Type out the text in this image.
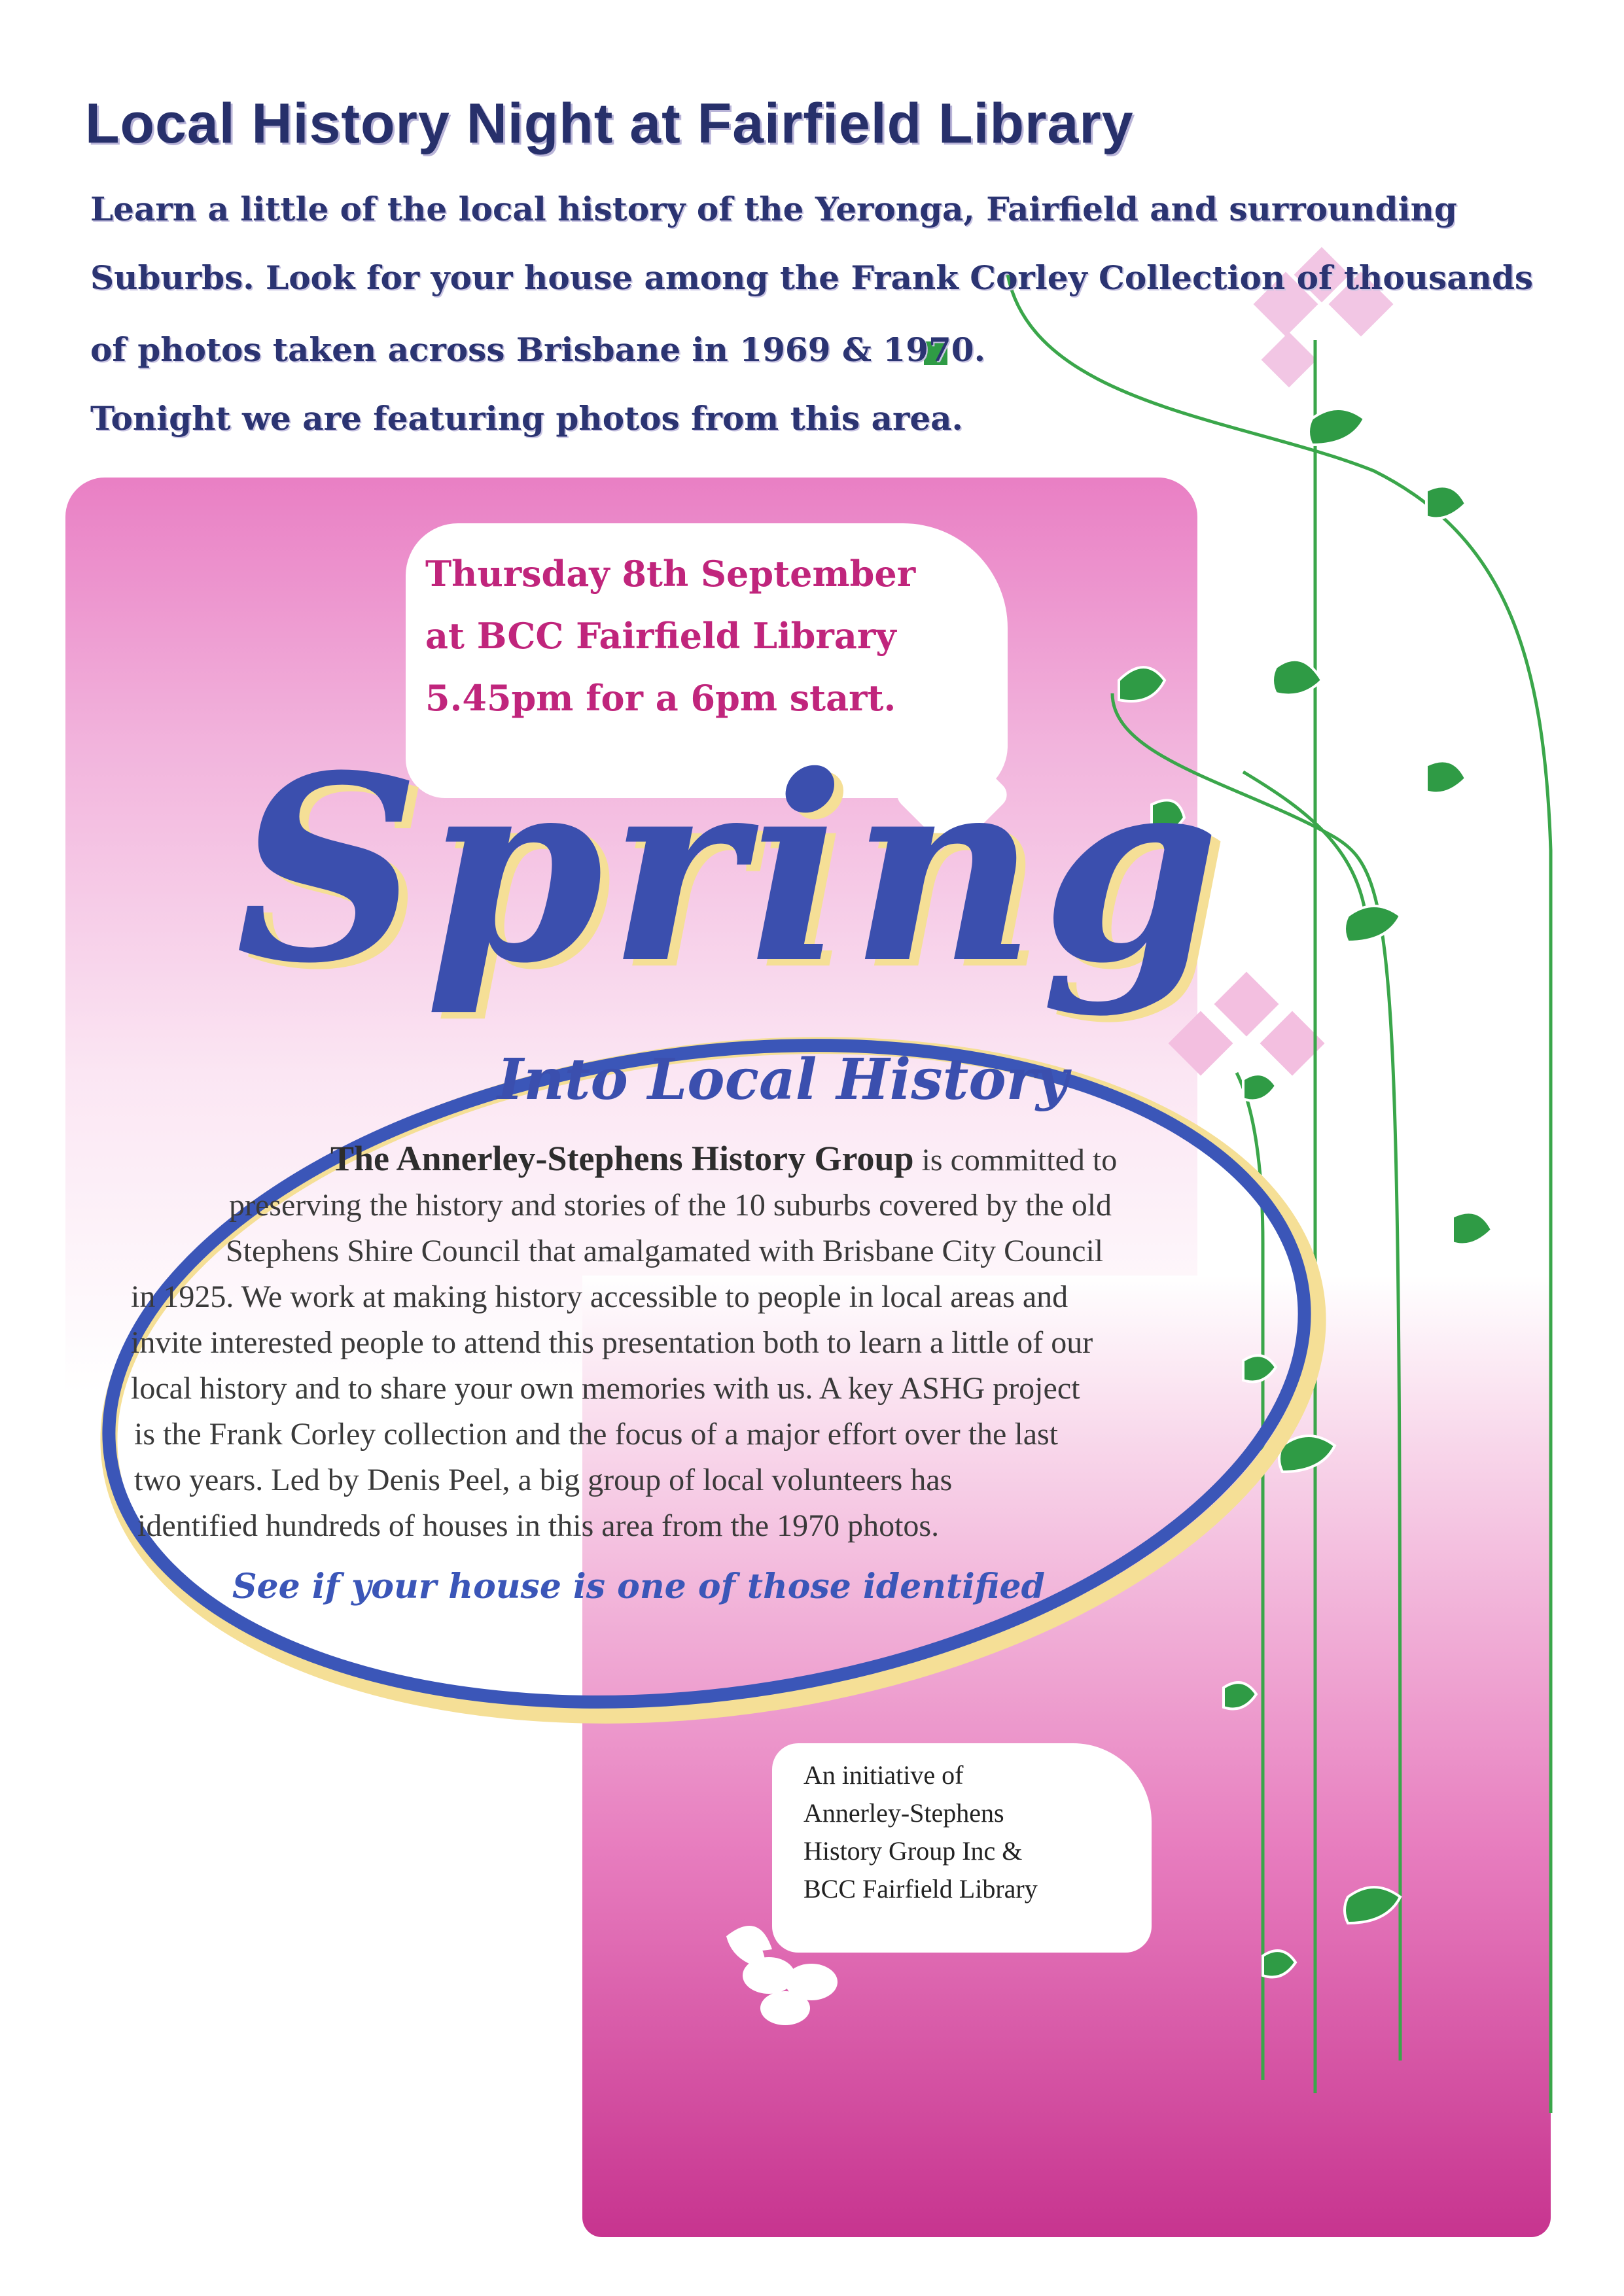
Local History Night at Fairfield Library
Learn a little of the local history of the Yeronga, Fairfield and surrounding
Suburbs. Look for your house among the Frank Corley Collection of thousands
of photos taken across Brisbane in 1969 & 1970.
Tonight we are featuring photos from this area.
Thursday 8th September
at BCC Fairfield Library
5.45pm for a 6pm start.
Spring
Into Local History
The Annerley-Stephens History Group is committed to
preserving the history and stories of the 10 suburbs covered by the old
Stephens Shire Council that amalgamated with Brisbane City Council
in 1925. We work at making history accessible to people in local areas and
invite interested people to attend this presentation both to learn a little of our
local history and to share your own memories with us. A key ASHG project
is the Frank Corley collection and the focus of a major effort over the last
two years. Led by Denis Peel, a big group of local volunteers has
identified hundreds of houses in this area from the 1970 photos.
See if your house is one of those identified
An initiative of
Annerley-Stephens
History Group Inc &
BCC Fairfield Library
